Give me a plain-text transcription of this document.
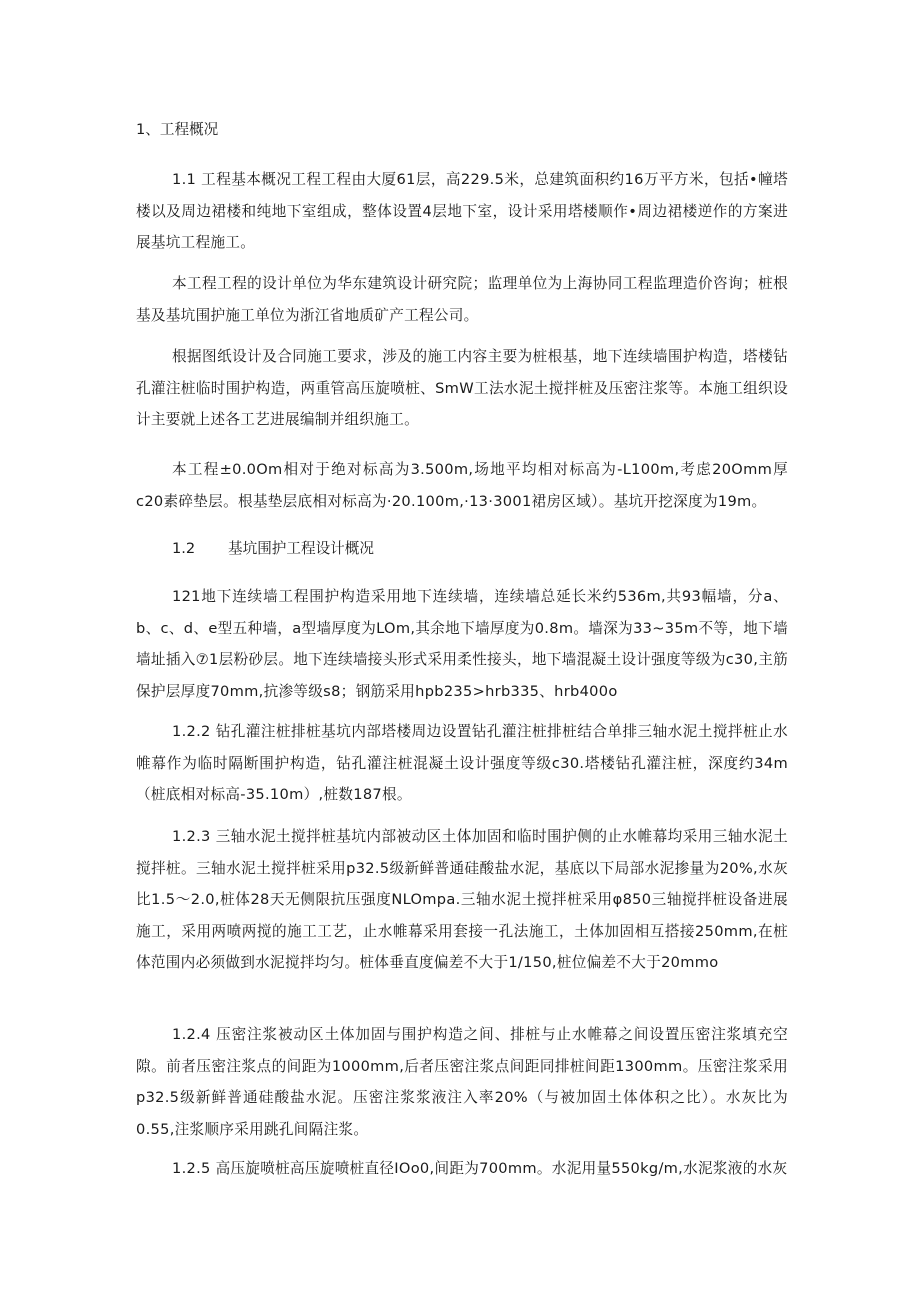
1、工程概况

1.1 工程基本概况工程工程由大厦61层，高229.5米，总建筑面积约16万平方米，包括•幢塔楼以及周边裙楼和纯地下室组成，整体设置4层地下室，设计采用塔楼顺作•周边裙楼逆作的方案进展基坑工程施工。

本工程工程的设计单位为华东建筑设计研究院；监理单位为上海协同工程监理造价咨询；桩根基及基坑围护施工单位为浙江省地质矿产工程公司。

根据图纸设计及合同施工要求，涉及的施工内容主要为桩根基，地下连续墙围护构造，塔楼钻孔灌注桩临时围护构造，两重管高压旋喷桩、SmW工法水泥土搅拌桩及压密注浆等。本施工组织设计主要就上述各工艺进展编制并组织施工。

本工程±0.0Om相对于绝对标高为3.500m,场地平均相对标高为-L100m,考虑20Omm厚c20素碎垫层。根基垫层底相对标高为·20.100m,·13·3001裙房区域）。基坑开挖深度为19m。

1.2 基坑围护工程设计概况

121地下连续墙工程围护构造采用地下连续墙，连续墙总延长米约536m,共93幅墙，分a、b、c、d、e型五种墙，a型墙厚度为LOm,其余地下墙厚度为0.8m。墙深为33~35m不等，地下墙墙址插入⑦1层粉砂层。地下连续墙接头形式采用柔性接头，地下墙混凝土设计强度等级为c30,主筋保护层厚度70mm,抗渗等级s8；钢筋采用hpb235>hrb335、hrb400o

1.2.2 钻孔灌注桩排桩基坑内部塔楼周边设置钻孔灌注桩排桩结合单排三轴水泥土搅拌桩止水帷幕作为临时隔断围护构造，钻孔灌注桩混凝土设计强度等级c30.塔楼钻孔灌注桩，深度约34m（桩底相对标高-35.10m）,桩数187根。

1.2.3 三轴水泥土搅拌桩基坑内部被动区土体加固和临时围护侧的止水帷幕均采用三轴水泥土搅拌桩。三轴水泥土搅拌桩采用p32.5级新鲜普通硅酸盐水泥，基底以下局部水泥掺量为20%,水灰比1.5～2.0,桩体28天无侧限抗压强度NLOmpa.三轴水泥土搅拌桩采用φ850三轴搅拌桩设备进展施工，采用两喷两搅的施工工艺，止水帷幕采用套接一孔法施工，土体加固相互搭接250mm,在桩体范围内必须做到水泥搅拌均匀。桩体垂直度偏差不大于1/150,桩位偏差不大于20mmo

1.2.4 压密注浆被动区土体加固与围护构造之间、排桩与止水帷幕之间设置压密注浆填充空隙。前者压密注浆点的间距为1000mm,后者压密注浆点间距同排桩间距1300mm。压密注浆采用p32.5级新鲜普通硅酸盐水泥。压密注浆浆液注入率20%（与被加固土体体积之比）。水灰比为0.55,注浆顺序采用跳孔间隔注浆。

1.2.5 高压旋喷桩高压旋喷桩直径IOo0,间距为700mm。水泥用量550kg∕m,水泥浆液的水灰
